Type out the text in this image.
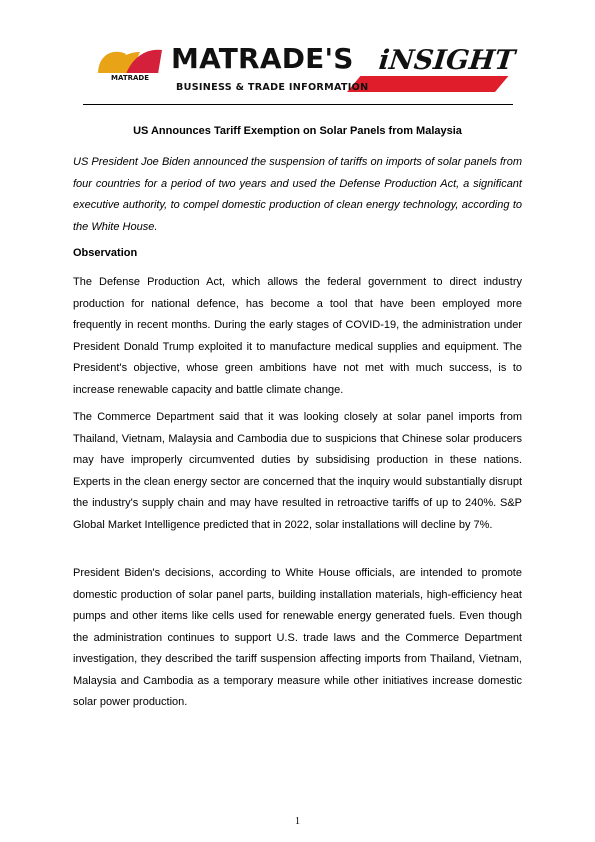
MATRADE
MATRADE'S iNSIGHT
BUSINESS & TRADE INFORMATION
US Announces Tariff Exemption on Solar Panels from Malaysia

US President Joe Biden announced the suspension of tariffs on imports of solar panels from four countries for a period of two years and used the Defense Production Act, a significant executive authority, to compel domestic production of clean energy technology, according to the White House.

Observation

The Defense Production Act, which allows the federal government to direct industry production for national defence, has become a tool that have been employed more frequently in recent months. During the early stages of COVID-19, the administration under President Donald Trump exploited it to manufacture medical supplies and equipment. The President's objective, whose green ambitions have not met with much success, is to increase renewable capacity and battle climate change.

The Commerce Department said that it was looking closely at solar panel imports from Thailand, Vietnam, Malaysia and Cambodia due to suspicions that Chinese solar producers may have improperly circumvented duties by subsidising production in these nations. Experts in the clean energy sector are concerned that the inquiry would substantially disrupt the industry's supply chain and may have resulted in retroactive tariffs of up to 240%. S&P Global Market Intelligence predicted that in 2022, solar installations will decline by 7%.

President Biden's decisions, according to White House officials, are intended to promote domestic production of solar panel parts, building installation materials, high-efficiency heat pumps and other items like cells used for renewable energy generated fuels. Even though the administration continues to support U.S. trade laws and the Commerce Department investigation, they described the tariff suspension affecting imports from Thailand, Vietnam, Malaysia and Cambodia as a temporary measure while other initiatives increase domestic solar power production.

1
